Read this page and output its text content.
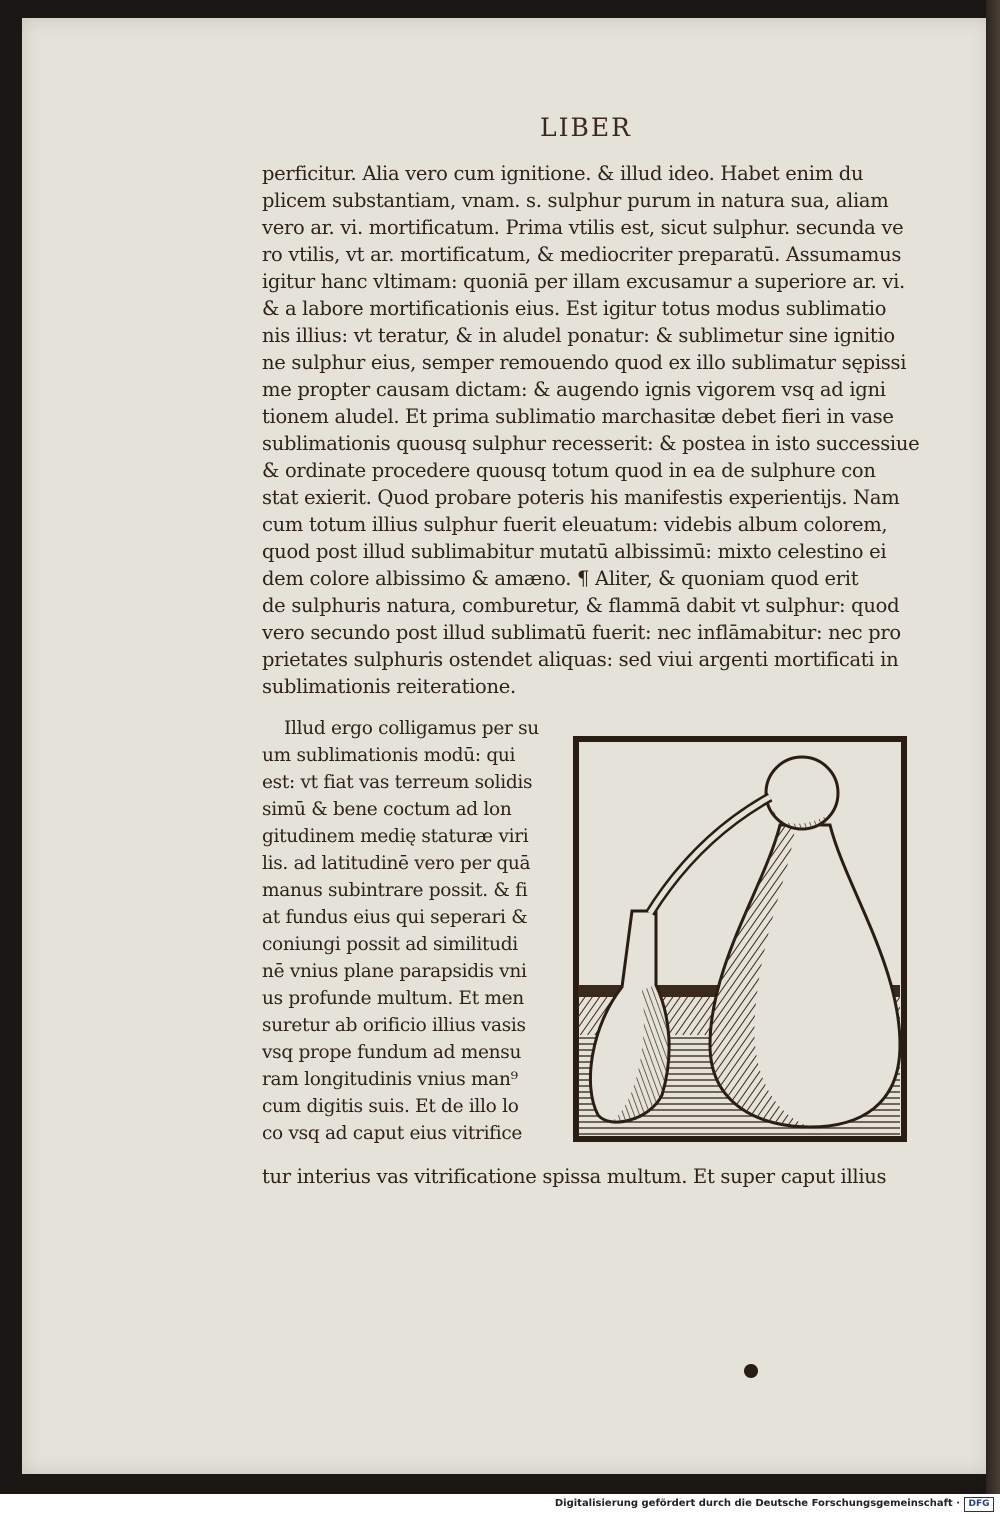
LIBER
perficitur. Alia vero cum ignitione. & illud ideo. Habet enim du
plicem substantiam, vnam. s. sulphur purum in natura sua, aliam
vero ar. vi. mortificatum. Prima vtilis est, sicut sulphur. secunda ve
ro vtilis, vt ar. mortificatum, & mediocriter preparatū. Assumamus
igitur hanc vltimam: quoniā per illam excusamur a superiore ar. vi.
& a labore mortificationis eius. Est igitur totus modus sublimatio
nis illius: vt teratur, & in aludel ponatur: & sublimetur sine ignitio
ne sulphur eius, semper remouendo quod ex illo sublimatur sępissi
me propter causam dictam: & augendo ignis vigorem vsq ad igni
tionem aludel. Et prima sublimatio marchasitæ debet fieri in vase
sublimationis quousq sulphur recesserit: & postea in isto successiue
& ordinate procedere quousq totum quod in ea de sulphure con
stat exierit. Quod probare poteris his manifestis experientijs. Nam
cum totum illius sulphur fuerit eleuatum: videbis album colorem,
quod post illud sublimabitur mutatū albissimū: mixto celestino ei
dem colore albissimo & amæno. ¶ Aliter, & quoniam quod erit
de sulphuris natura, comburetur, & flammā dabit vt sulphur: quod
vero secundo post illud sublimatū fuerit: nec inflāmabitur: nec pro
prietates sulphuris ostendet aliquas: sed viui argenti mortificati in
sublimationis reiteratione.
Illud ergo colligamus per su
um sublimationis modū: qui
est: vt fiat vas terreum solidis
simū & bene coctum ad lon
gitudinem medię staturæ viri
lis. ad latitudinē vero per quā
manus subintrare possit. & fi
at fundus eius qui seperari &
coniungi possit ad similitudi
nē vnius plane parapsidis vni
us profunde multum. Et men
suretur ab orificio illius vasis
vsq prope fundum ad mensu
ram longitudinis vnius man⁹
cum digitis suis. Et de illo lo
co vsq ad caput eius vitrifice
tur interius vas vitrificatione spissa multum. Et super caput illius
Digitalisierung gefördert durch die Deutsche Forschungsgemeinschaft · DFG
